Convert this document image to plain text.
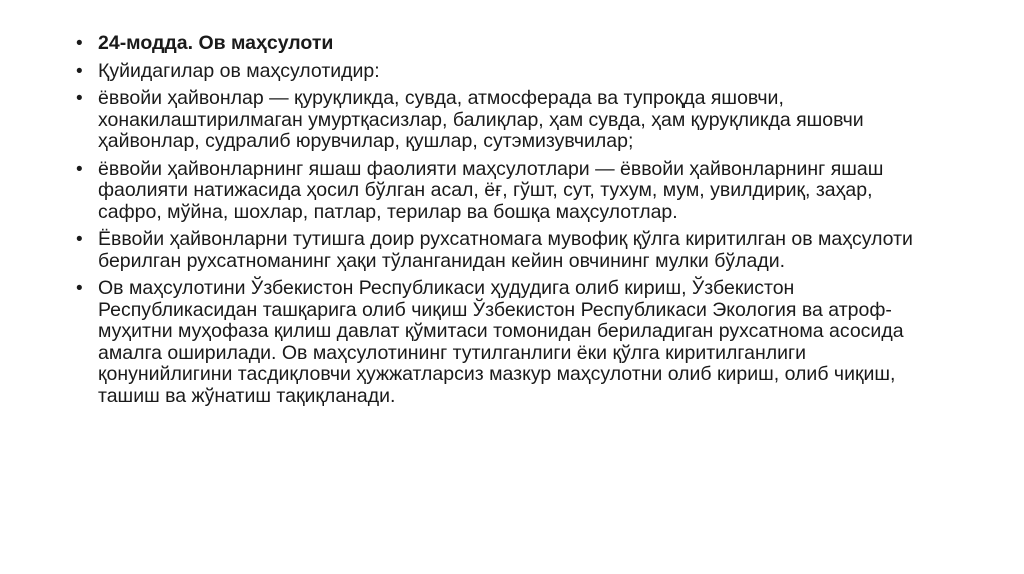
• 24-модда. Ов маҳсулоти
• Қуйидагилар ов маҳсулотидир:
• ёввойи ҳайвонлар — қуруқликда, сувда, атмосферада ва тупроқда яшовчи, хонакилаштирилмаган умуртқасизлар, балиқлар, ҳам сувда, ҳам қуруқликда яшовчи ҳайвонлар, судралиб юрувчилар, қушлар, сутэмизувчилар;
• ёввойи ҳайвонларнинг яшаш фаолияти маҳсулотлари — ёввойи ҳайвонларнинг яшаш фаолияти натижасида ҳосил бўлган асал, ёғ, гўшт, сут, тухум, мум, увилдириқ, заҳар, сафро, мўйна, шохлар, патлар, терилар ва бошқа маҳсулотлар.
• Ёввойи ҳайвонларни тутишга доир рухсатномага мувофиқ қўлга киритилган ов маҳсулоти берилган рухсатноманинг ҳақи тўланганидан кейин овчининг мулки бўлади.
• Ов маҳсулотини Ўзбекистон Республикаси ҳудудига олиб кириш, Ўзбекистон Республикасидан ташқарига олиб чиқиш Ўзбекистон Республикаси Экология ва атроф-муҳитни муҳофаза қилиш давлат қўмитаси томонидан бериладиган рухсатнома асосида амалга оширилади. Ов маҳсулотининг тутилганлиги ёки қўлга киритилганлиги қонунийлигини тасдиқловчи ҳужжатларсиз мазкур маҳсулотни олиб кириш, олиб чиқиш, ташиш ва жўнатиш тақиқланади.
